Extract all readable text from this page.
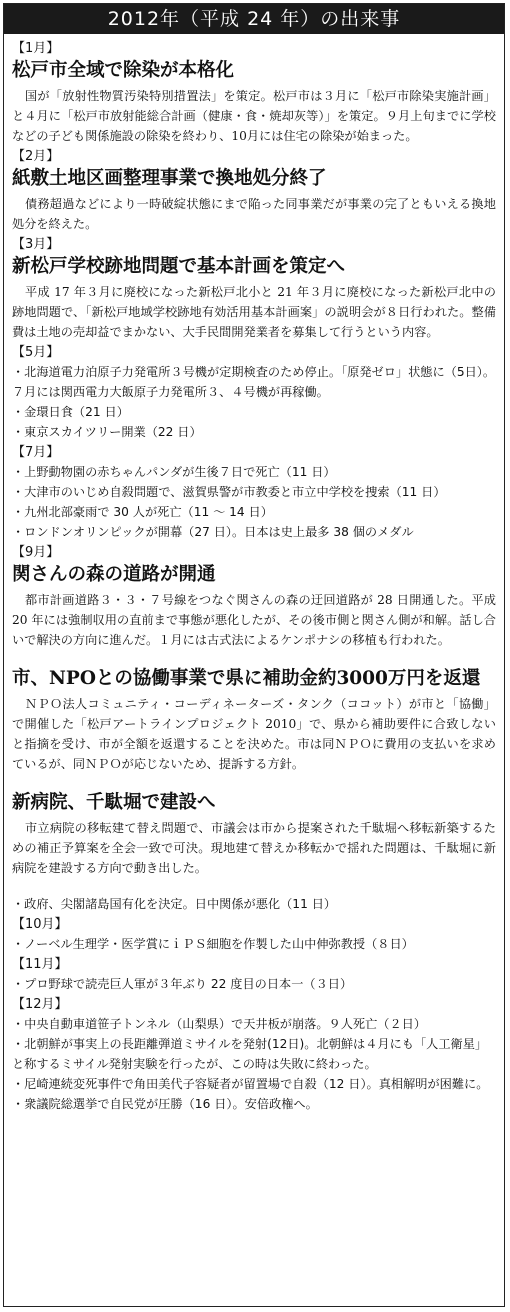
2012年（平成 24 年）の出来事
【1月】
松戸市全域で除染が本格化
国が「放射性物質汚染特別措置法」を策定。松戸市は３月に「松戸市除染実施計画」と４月に「松戸市放射能総合計画（健康・食・焼却灰等）」を策定。９月上旬までに学校などの子ども関係施設の除染を終わり、10月には住宅の除染が始まった。
【2月】
紙敷土地区画整理事業で換地処分終了
債務超過などにより一時破綻状態にまで陥った同事業だが事業の完了ともいえる換地処分を終えた。
【3月】
新松戸学校跡地問題で基本計画を策定へ
平成 17 年３月に廃校になった新松戸北小と 21 年３月に廃校になった新松戸北中の跡地問題で、「新松戸地域学校跡地有効活用基本計画案」の説明会が８日行われた。整備費は土地の売却益でまかない、大手民間開発業者を募集して行うという内容。
【5月】
・北海道電力泊原子力発電所３号機が定期検査のため停止。「原発ゼロ」状態に（5日）。７月には関西電力大飯原子力発電所３、４号機が再稼働。
・金環日食（21 日）
・東京スカイツリー開業（22 日）
【7月】
・上野動物園の赤ちゃんパンダが生後７日で死亡（11 日）
・大津市のいじめ自殺問題で、滋賀県警が市教委と市立中学校を捜索（11 日）
・九州北部豪雨で 30 人が死亡（11 ～ 14 日）
・ロンドンオリンピックが開幕（27 日）。日本は史上最多 38 個のメダル
【9月】
関さんの森の道路が開通
都市計画道路３・３・７号線をつなぐ関さんの森の迂回道路が 28 日開通した。平成 20 年には強制収用の直前まで事態が悪化したが、その後市側と関さん側が和解。話し合いで解決の方向に進んだ。１月には古式法によるケンポナシの移植も行われた。
市、NPOとの協働事業で県に補助金約3000万円を返還
ＮＰＯ法人コミュニティ・コーディネーターズ・タンク（ココット）が市と「協働」で開催した「松戸アートラインプロジェクト 2010」で、県から補助要件に合致しないと指摘を受け、市が全額を返還することを決めた。市は同ＮＰＯに費用の支払いを求めているが、同ＮＰＯが応じないため、提訴する方針。
新病院、千駄堀で建設へ
市立病院の移転建て替え問題で、市議会は市から提案された千駄堀へ移転新築するための補正予算案を全会一致で可決。現地建て替えか移転かで揺れた問題は、千駄堀に新病院を建設する方向で動き出した。
・政府、尖閣諸島国有化を決定。日中関係が悪化（11 日）
【10月】
・ノーベル生理学・医学賞にｉＰＳ細胞を作製した山中伸弥教授（８日）
【11月】
・プロ野球で読売巨人軍が３年ぶり 22 度目の日本一（３日）
【12月】
・中央自動車道笹子トンネル（山梨県）で天井板が崩落。９人死亡（２日）
・北朝鮮が事実上の長距離弾道ミサイルを発射(12日)。北朝鮮は４月にも「人工衛星」と称するミサイル発射実験を行ったが、この時は失敗に終わった。
・尼崎連続変死事件で角田美代子容疑者が留置場で自殺（12 日）。真相解明が困難に。
・衆議院総選挙で自民党が圧勝（16 日）。安倍政権へ。
